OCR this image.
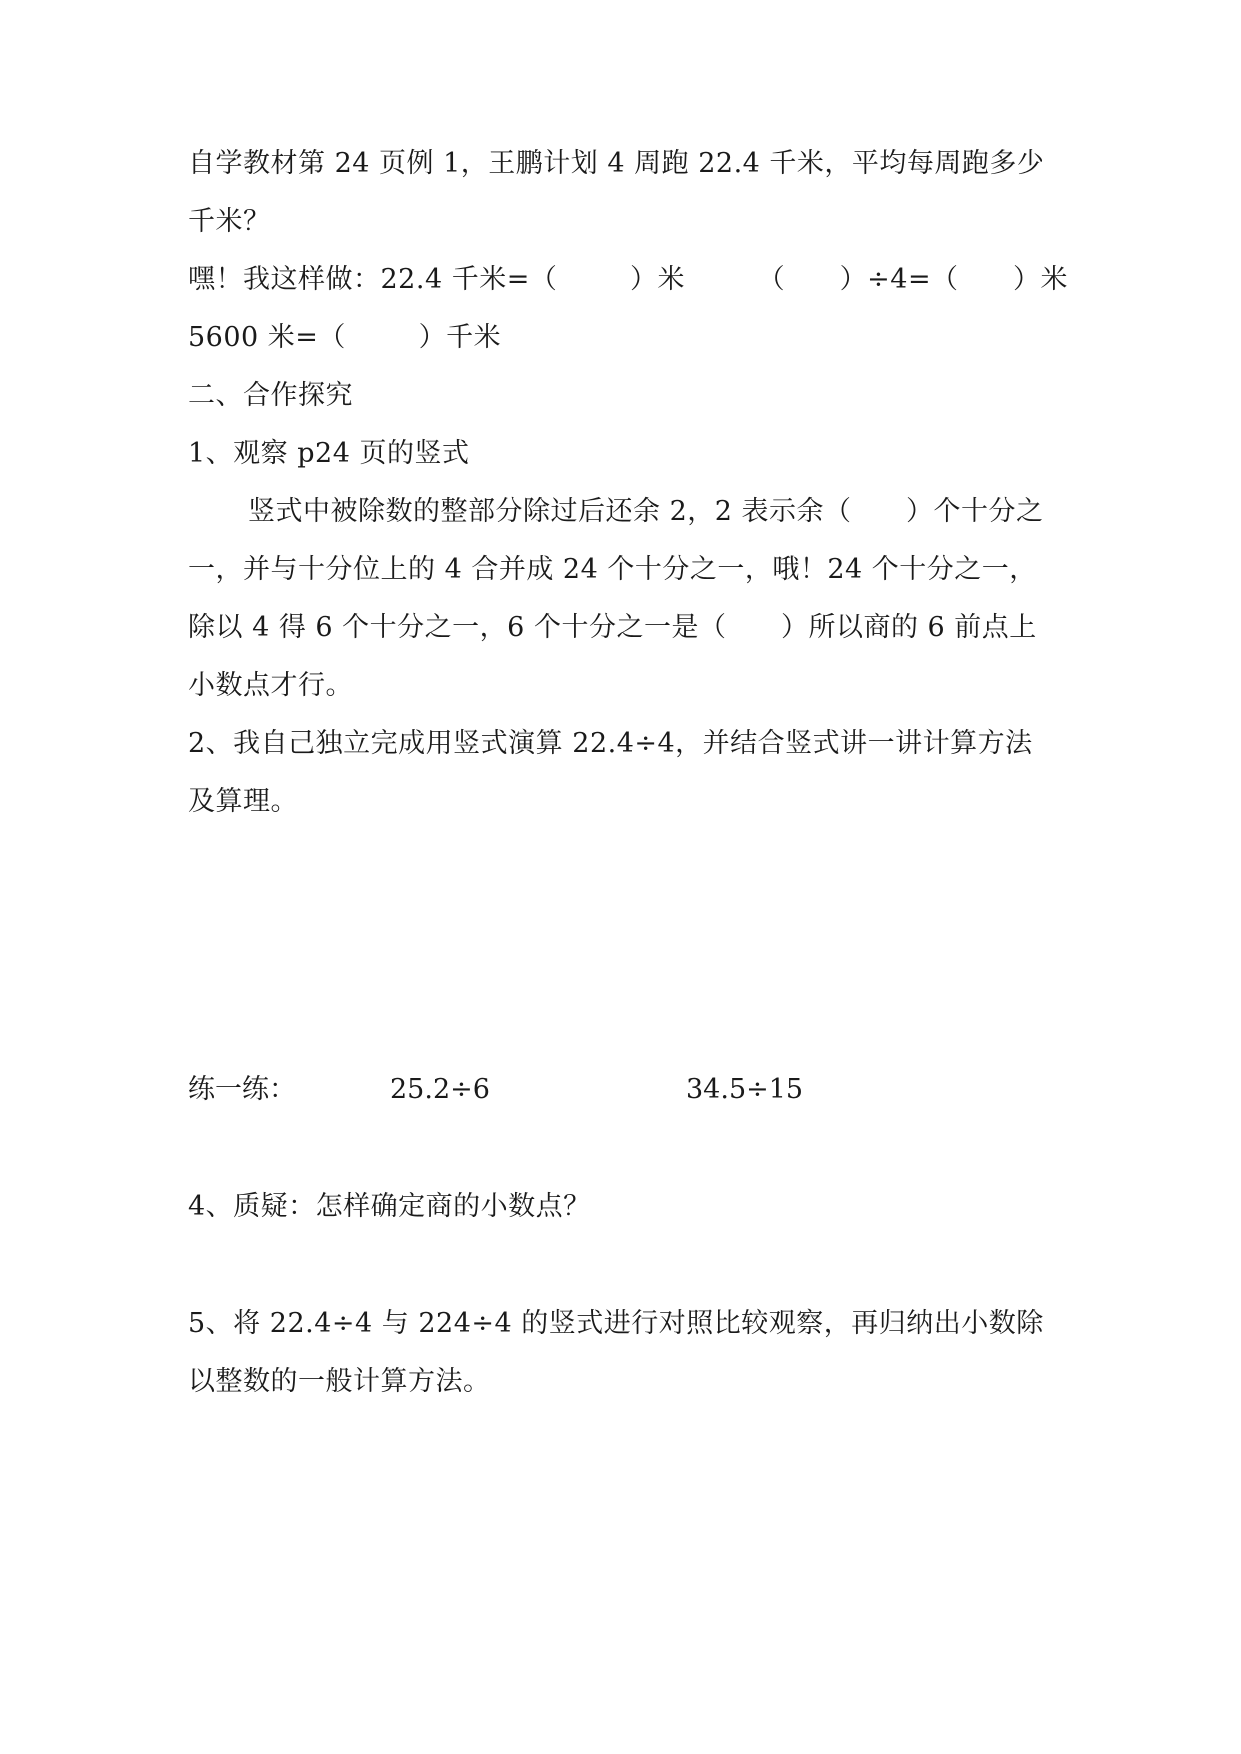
自学教材第 24 页例 1，王鹏计划 4 周跑 22.4 千米，平均每周跑多少
千米？
嘿！我这样做：22.4 千米=（        ）米        （      ）÷4=（      ）米
5600 米=（        ）千米
二、合作探究
1、观察 p24 页的竖式
竖式中被除数的整部分除过后还余 2，2 表示余（      ）个十分之
一，并与十分位上的 4 合并成 24 个十分之一，哦！24 个十分之一，
除以 4 得 6 个十分之一，6 个十分之一是（      ）所以商的 6 前点上
小数点才行。
2、我自己独立完成用竖式演算 22.4÷4，并结合竖式讲一讲计算方法
及算理。
练一练：	25.2÷6	34.5÷15
4、质疑：怎样确定商的小数点？
5、将 22.4÷4 与 224÷4 的竖式进行对照比较观察，再归纳出小数除
以整数的一般计算方法。
